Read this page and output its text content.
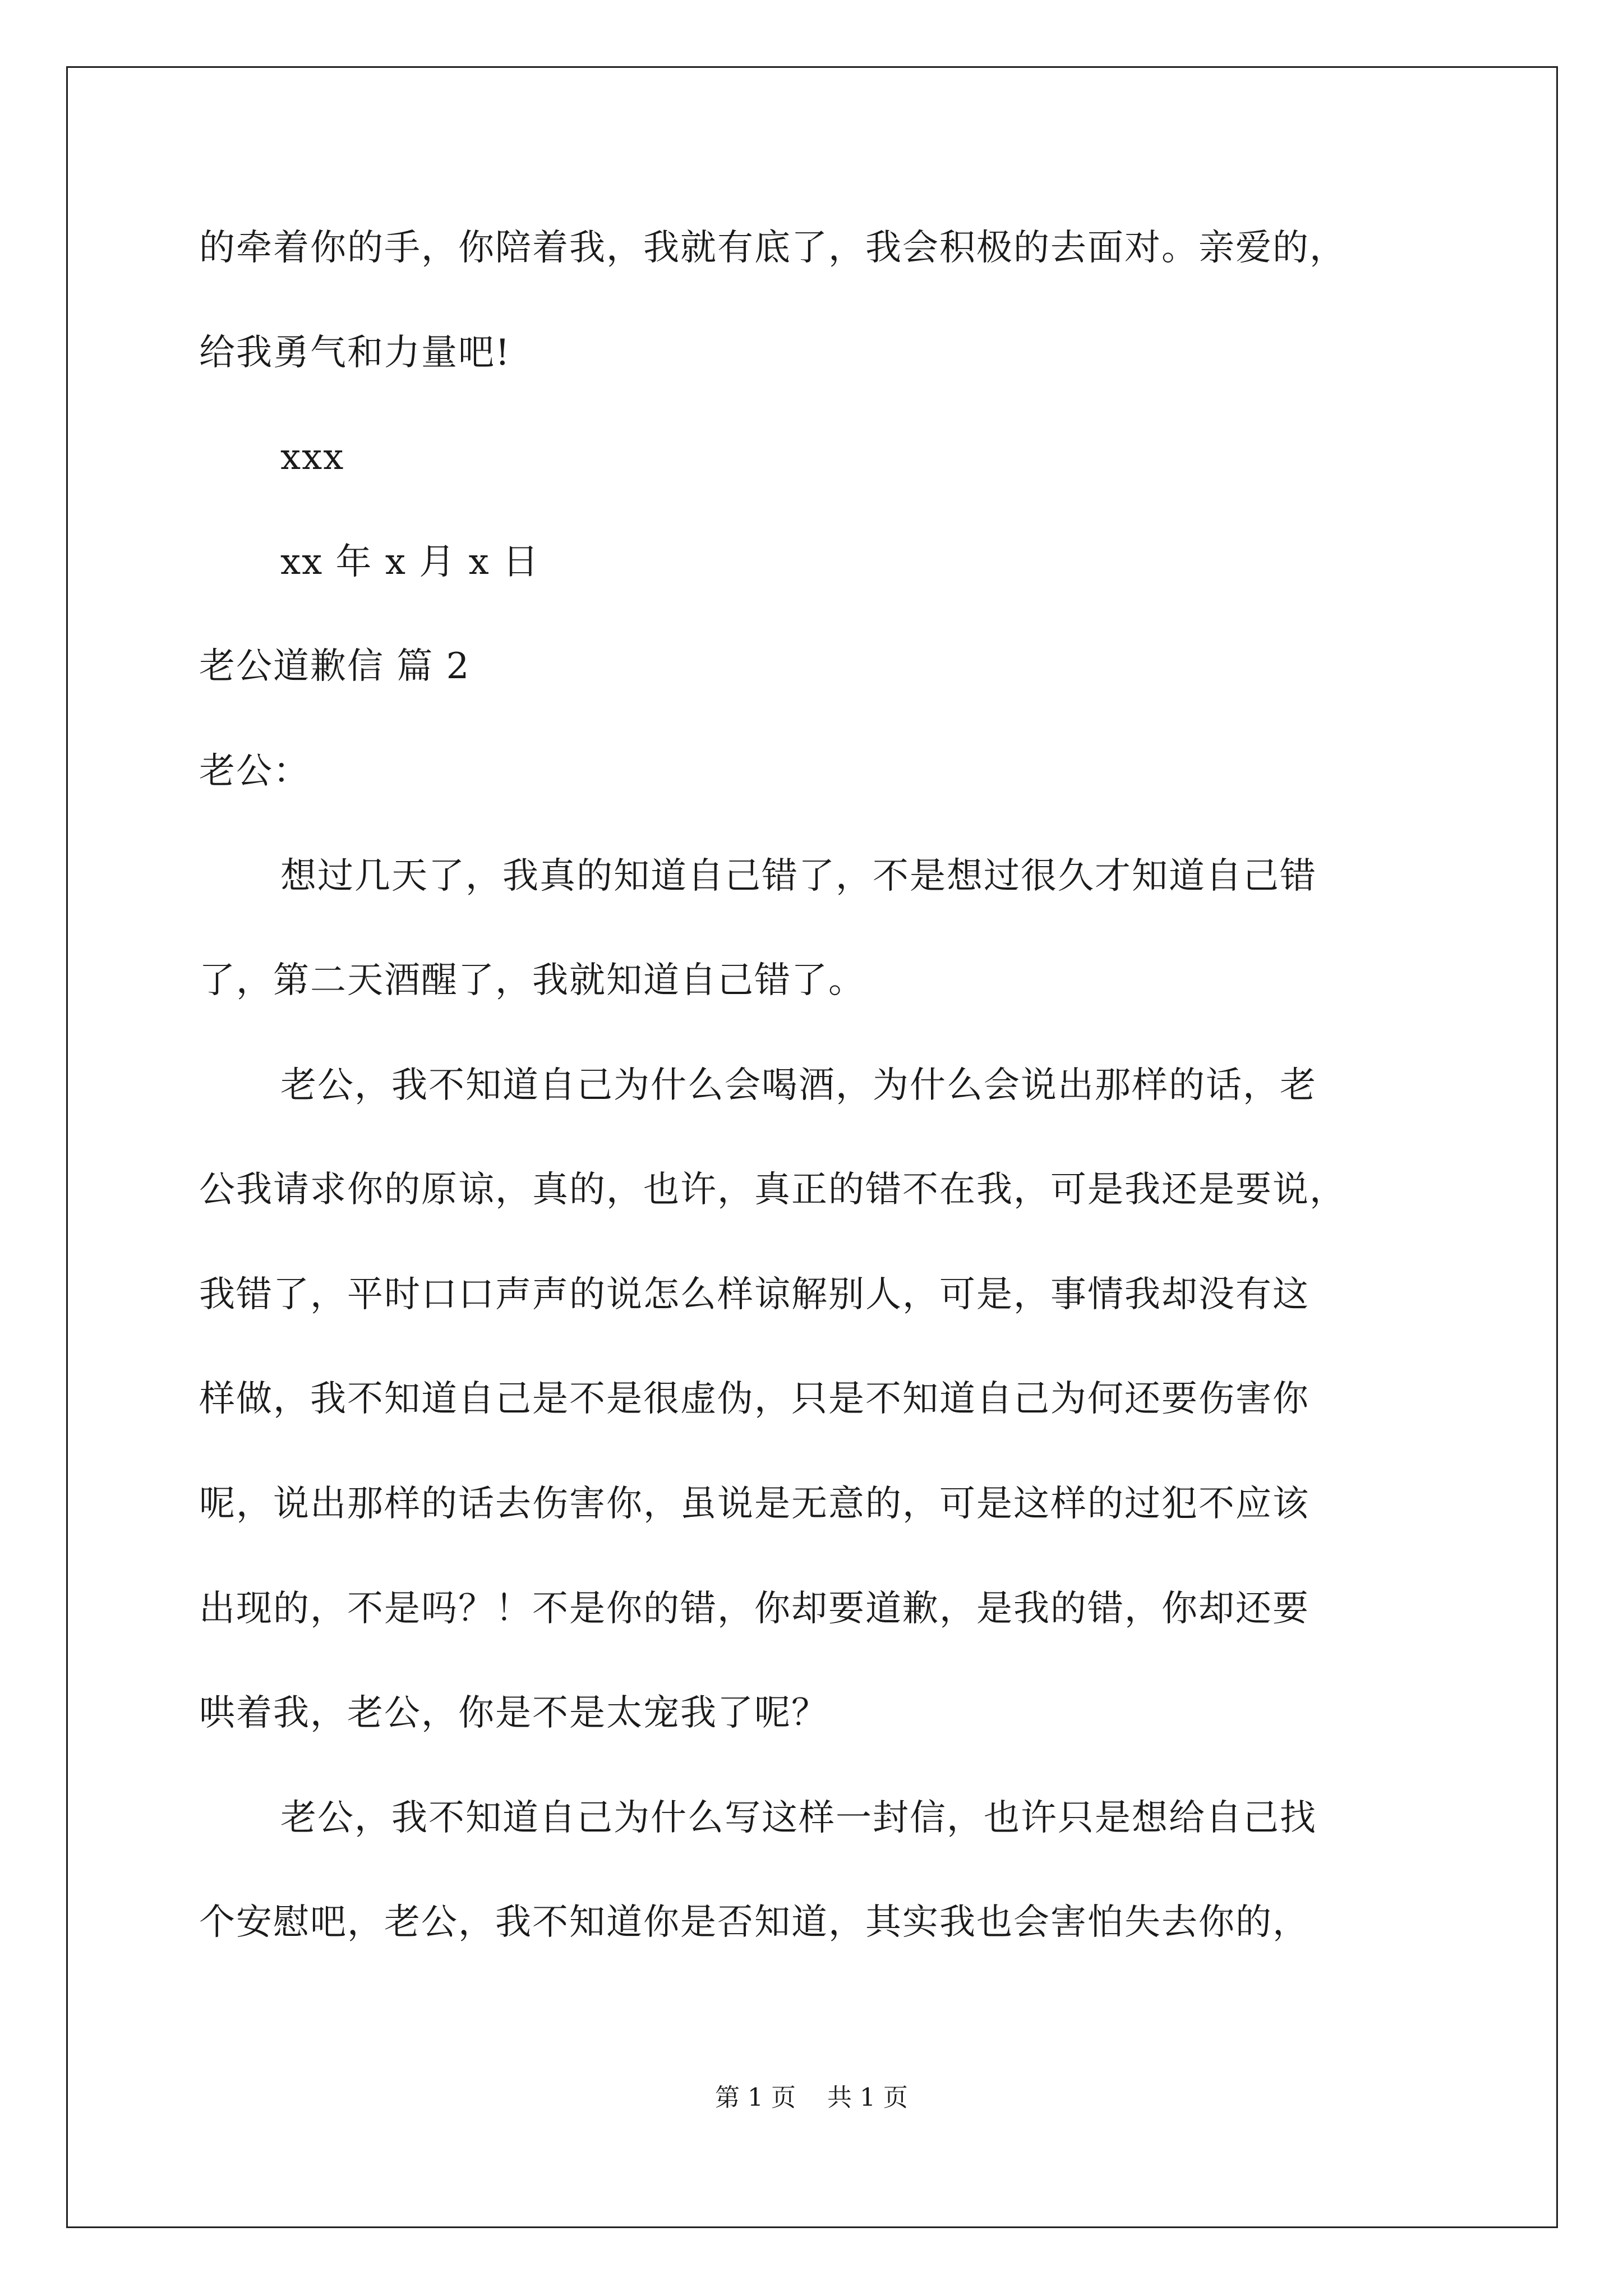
的牵着你的手，你陪着我，我就有底了，我会积极的去面对。亲爱的，
给我勇气和力量吧!
xxx
xx 年 x 月 x 日
老公道歉信 篇 2
老公：
想过几天了，我真的知道自己错了，不是想过很久才知道自己错
了，第二天酒醒了，我就知道自己错了。
老公，我不知道自己为什么会喝酒，为什么会说出那样的话，老
公我请求你的原谅，真的，也许，真正的错不在我，可是我还是要说，
我错了，平时口口声声的说怎么样谅解别人，可是，事情我却没有这
样做，我不知道自己是不是很虚伪，只是不知道自己为何还要伤害你
呢，说出那样的话去伤害你，虽说是无意的，可是这样的过犯不应该
出现的，不是吗？！不是你的错，你却要道歉，是我的错，你却还要
哄着我，老公，你是不是太宠我了呢？
老公，我不知道自己为什么写这样一封信，也许只是想给自己找
个安慰吧，老公，我不知道你是否知道，其实我也会害怕失去你的，
第 1 页    共 1 页
